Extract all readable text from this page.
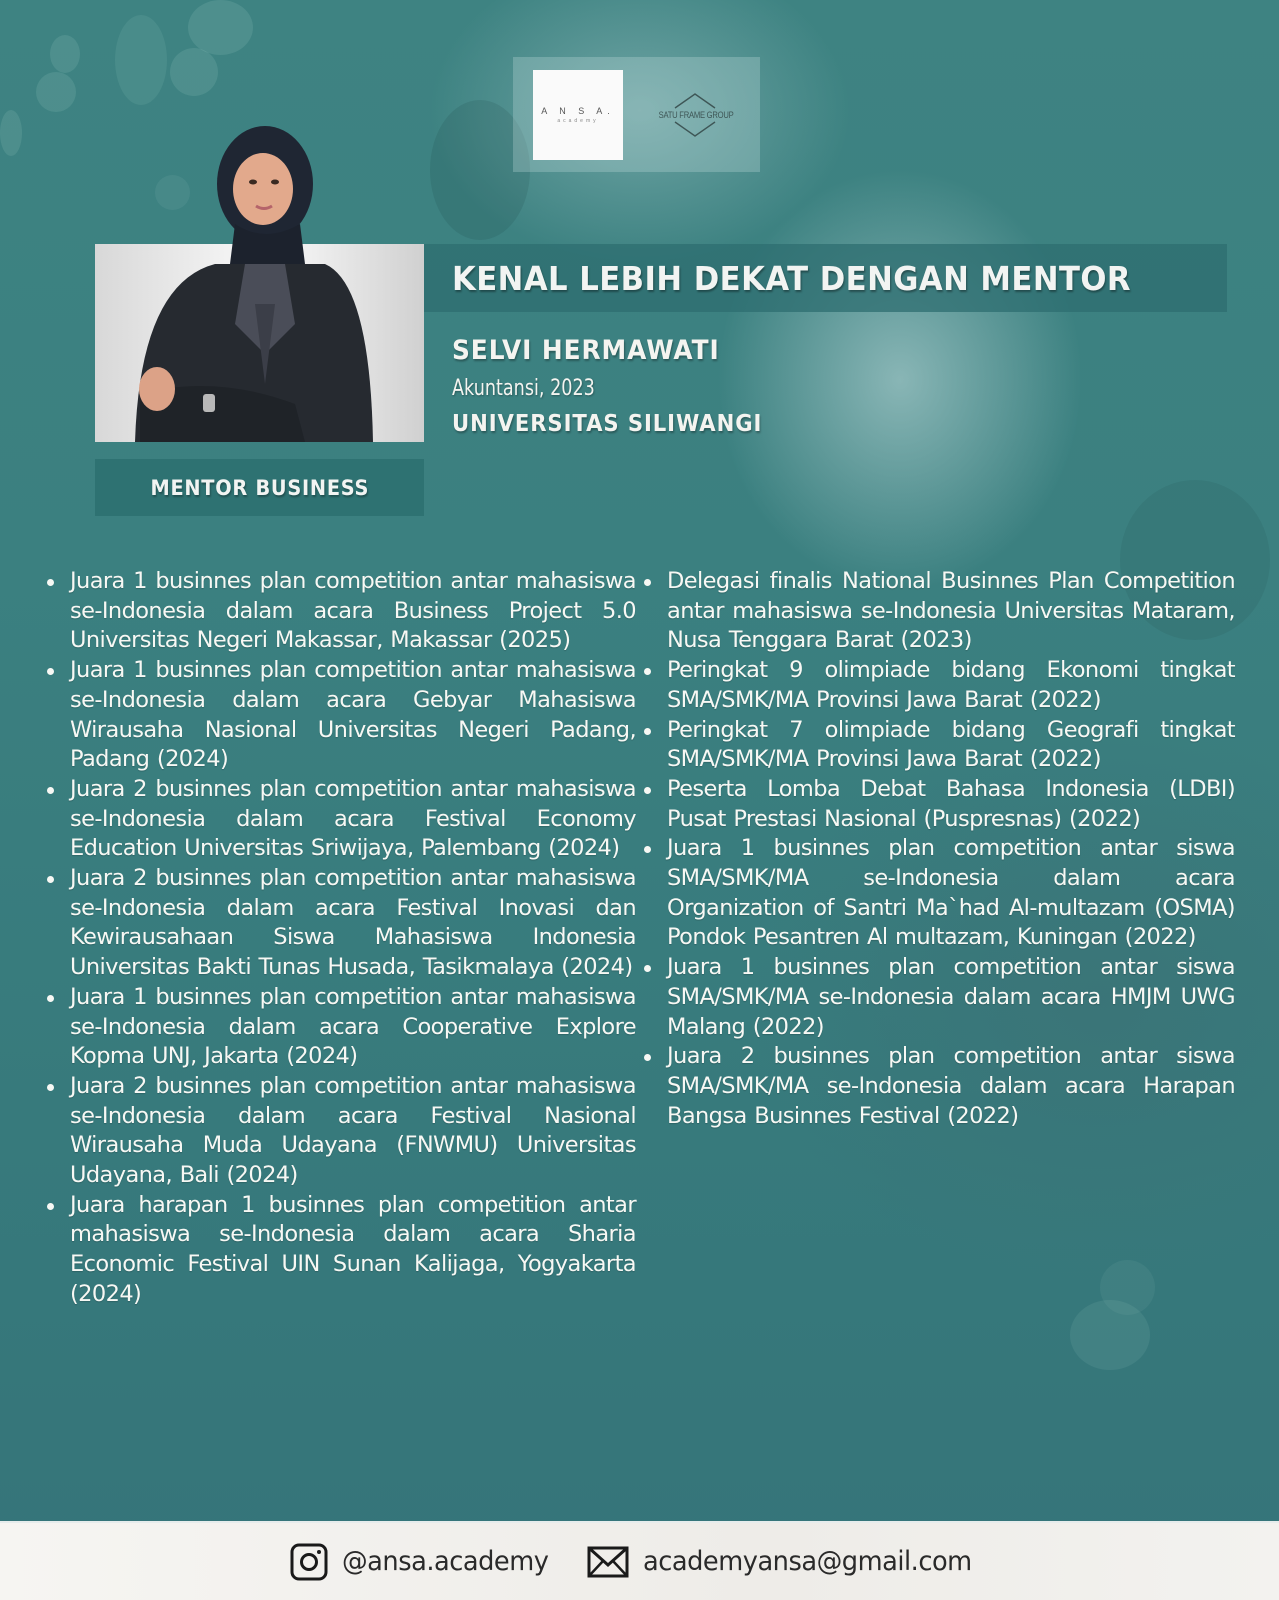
A N S A.
academy
SATU FRAME GROUP
KENAL LEBIH DEKAT DENGAN MENTOR
SELVI HERMAWATI
Akuntansi, 2023
UNIVERSITAS SILIWANGI
MENTOR BUSINESS
Juara 1 businnes plan competition antar mahasiswa se-Indonesia dalam acara Business Project 5.0 Universitas Negeri Makassar, Makassar (2025)
Juara 1 businnes plan competition antar mahasiswa se-Indonesia dalam acara Gebyar Mahasiswa Wirausaha Nasional Universitas Negeri Padang, Padang (2024)
Juara 2 businnes plan competition antar mahasiswa se-Indonesia dalam acara Festival Economy Education Universitas Sriwijaya, Palembang (2024)
Juara 2 businnes plan competition antar mahasiswa se-Indonesia dalam acara Festival Inovasi dan Kewirausahaan Siswa Mahasiswa Indonesia Universitas Bakti Tunas Husada, Tasikmalaya (2024)
Juara 1 businnes plan competition antar mahasiswa se-Indonesia dalam acara Cooperative Explore Kopma UNJ, Jakarta (2024)
Juara 2 businnes plan competition antar mahasiswa se-Indonesia dalam acara Festival Nasional Wirausaha Muda Udayana (FNWMU) Universitas Udayana, Bali (2024)
Juara harapan 1 businnes plan competition antar mahasiswa se-Indonesia dalam acara Sharia Economic Festival UIN Sunan Kalijaga, Yogyakarta (2024)
Delegasi finalis National Businnes Plan Competition antar mahasiswa se-Indonesia Universitas Mataram, Nusa Tenggara Barat (2023)
Peringkat 9 olimpiade bidang Ekonomi tingkat SMA/SMK/MA Provinsi Jawa Barat (2022)
Peringkat 7 olimpiade bidang Geografi tingkat SMA/SMK/MA Provinsi Jawa Barat (2022)
Peserta Lomba Debat Bahasa Indonesia (LDBI) Pusat Prestasi Nasional (Puspresnas) (2022)
Juara 1 businnes plan competition antar siswa SMA/SMK/MA se-Indonesia dalam acara Organization of Santri Ma`had Al-multazam (OSMA) Pondok Pesantren Al multazam, Kuningan (2022)
Juara 1 businnes plan competition antar siswa SMA/SMK/MA se-Indonesia dalam acara HMJM UWG Malang (2022)
Juara 2 businnes plan competition antar siswa SMA/SMK/MA se-Indonesia dalam acara Harapan Bangsa Businnes Festival (2022)
@ansa.academy	academyansa@gmail.com
